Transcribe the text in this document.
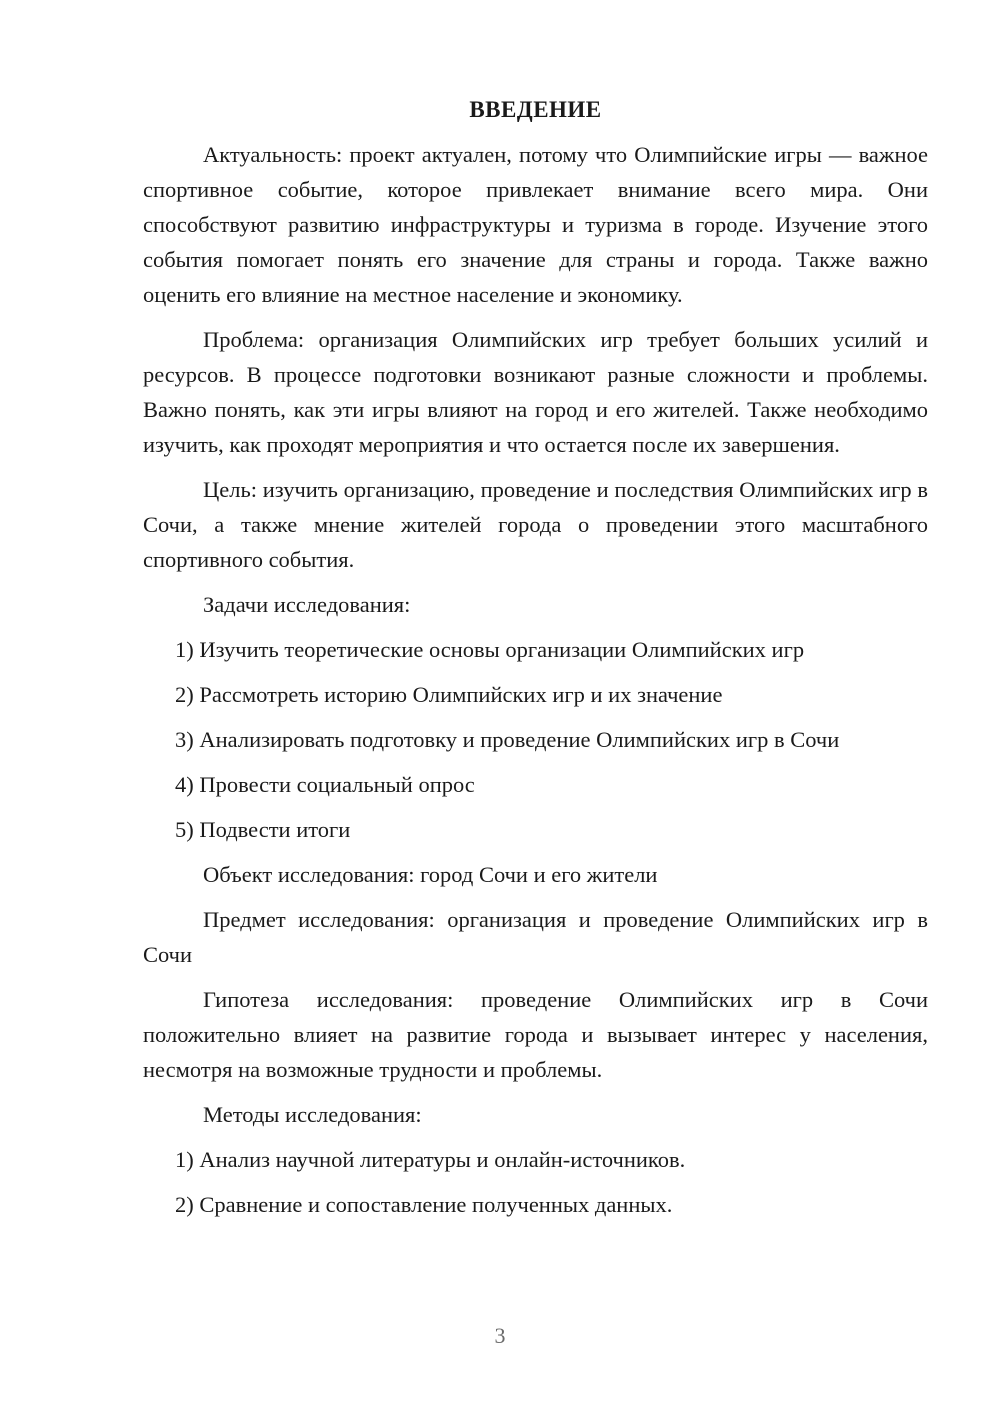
ВВЕДЕНИЕ

Актуальность: проект актуален, потому что Олимпийские игры — важное спортивное событие, которое привлекает внимание всего мира. Они способствуют развитию инфраструктуры и туризма в городе. Изучение этого события помогает понять его значение для страны и города. Также важно оценить его влияние на местное население и экономику.

Проблема: организация Олимпийских игр требует больших усилий и ресурсов. В процессе подготовки возникают разные сложности и проблемы. Важно понять, как эти игры влияют на город и его жителей. Также необходимо изучить, как проходят мероприятия и что остается после их завершения.

Цель: изучить организацию, проведение и последствия Олимпийских игр в Сочи, а также мнение жителей города о проведении этого масштабного спортивного события.

Задачи исследования:

1) Изучить теоретические основы организации Олимпийских игр

2) Рассмотреть историю Олимпийских игр и их значение

3) Анализировать подготовку и проведение Олимпийских игр в Сочи

4) Провести социальный опрос

5) Подвести итоги

Объект исследования: город Сочи и его жители

Предмет исследования: организация и проведение Олимпийских игр в Сочи

Гипотеза исследования: проведение Олимпийских игр в Сочи положительно влияет на развитие города и вызывает интерес у населения, несмотря на возможные трудности и проблемы.

Методы исследования:

1) Анализ научной литературы и онлайн-источников.

2) Сравнение и сопоставление полученных данных.

3
